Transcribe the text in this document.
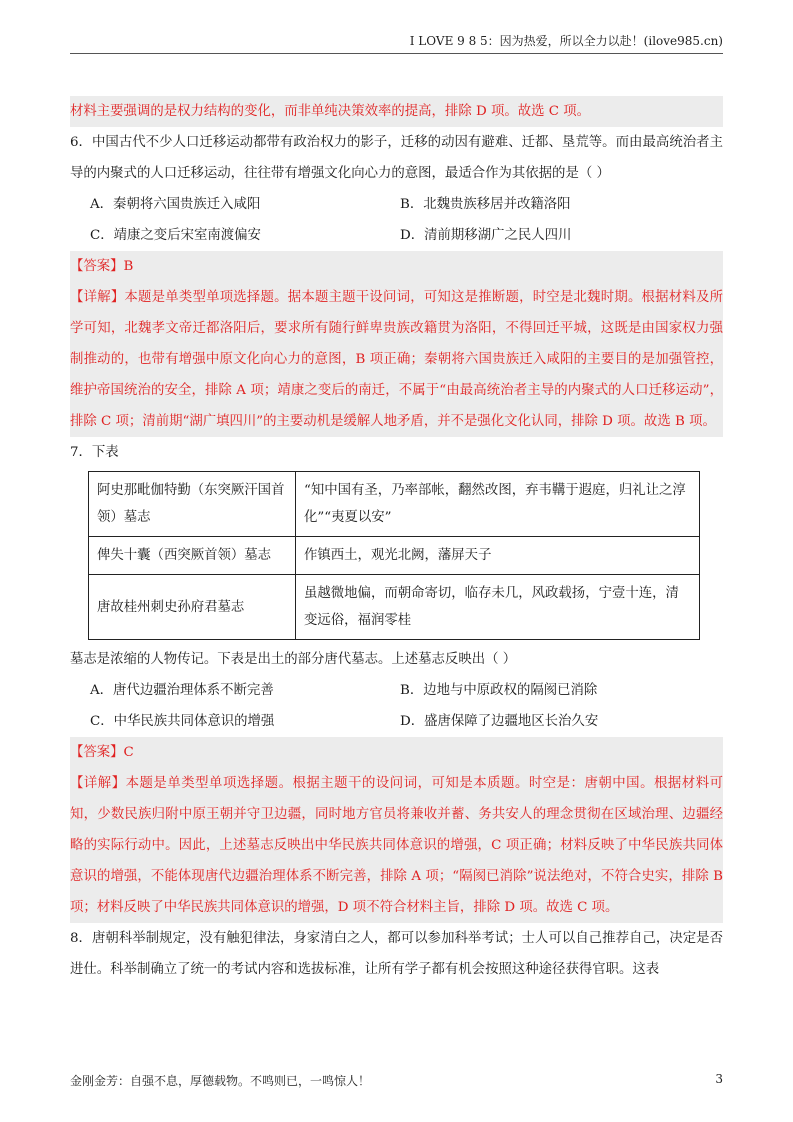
I LOVE 9 8 5：因为热爱，所以全力以赴！(ilove985.cn)

材料主要强调的是权力结构的变化，而非单纯决策效率的提高，排除 D 项。故选 C 项。

6．中国古代不少人口迁移运动都带有政治权力的影子，迁移的动因有避难、迁都、垦荒等。而由最高统治者主导的内聚式的人口迁移运动，往往带有增强文化向心力的意图，最适合作为其依据的是（ ）

A．秦朝将六国贵族迁入咸阳	B．北魏贵族移居并改籍洛阳
C．靖康之变后宋室南渡偏安	D．清前期移湖广之民人四川

【答案】B

【详解】本题是单类型单项选择题。据本题主题干设问词，可知这是推断题，时空是北魏时期。根据材料及所学可知，北魏孝文帝迁都洛阳后，要求所有随行鲜卑贵族改籍贯为洛阳，不得回迁平城，这既是由国家权力强制推动的，也带有增强中原文化向心力的意图，B 项正确；秦朝将六国贵族迁入咸阳的主要目的是加强管控，维护帝国统治的安全，排除 A 项；靖康之变后的南迁，不属于“由最高统治者主导的内聚式的人口迁移运动”，排除 C 项；清前期“湖广填四川”的主要动机是缓解人地矛盾，并不是强化文化认同，排除 D 项。故选 B 项。

7．下表

阿史那毗伽特勤（东突厥汗国首领）墓志	“知中国有圣，乃率部帐，翻然改图，弃韦鞲于遐庭，归礼让之淳化”“夷夏以安”
俾失十囊（西突厥首领）墓志	作镇西土，观光北阙，藩屏天子
唐故桂州刺史孙府君墓志	虽越微地偏，而朝命寄切，临存未几，风政载扬，宁壹十连，清变远俗，福润零桂

墓志是浓缩的人物传记。下表是出土的部分唐代墓志。上述墓志反映出（ ）

A．唐代边疆治理体系不断完善	B．边地与中原政权的隔阂已消除
C．中华民族共同体意识的增强	D．盛唐保障了边疆地区长治久安

【答案】C

【详解】本题是单类型单项选择题。根据主题干的设问词，可知是本质题。时空是：唐朝中国。根据材料可知，少数民族归附中原王朝并守卫边疆，同时地方官员将兼收并蓄、务共安人的理念贯彻在区域治理、边疆经略的实际行动中。因此，上述墓志反映出中华民族共同体意识的增强，C 项正确；材料反映了中华民族共同体意识的增强，不能体现唐代边疆治理体系不断完善，排除 A 项；“隔阂已消除”说法绝对，不符合史实，排除 B 项；材料反映了中华民族共同体意识的增强，D 项不符合材料主旨，排除 D 项。故选 C 项。

8．唐朝科举制规定，没有触犯律法，身家清白之人，都可以参加科举考试；士人可以自己推荐自己，决定是否进仕。科举制确立了统一的考试内容和选拔标准，让所有学子都有机会按照这种途径获得官职。这表

金刚金芳：自强不息，厚德载物。不鸣则已，一鸣惊人！	3
